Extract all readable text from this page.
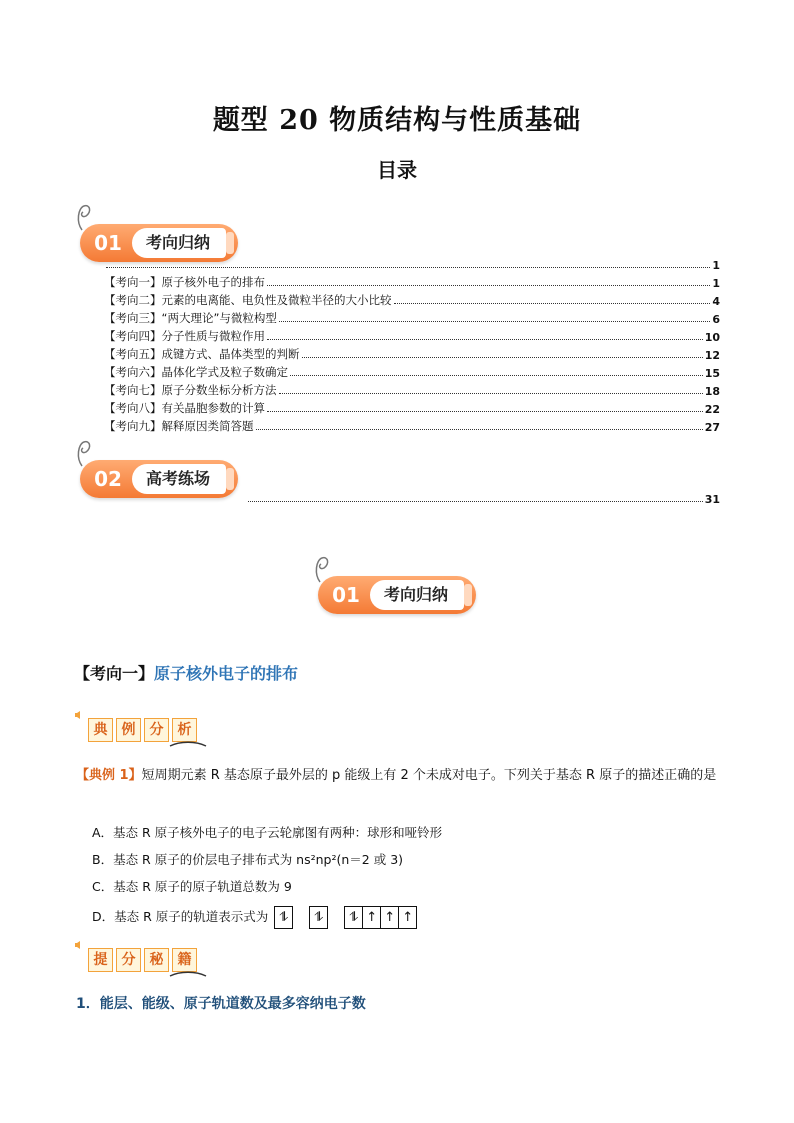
题型 20 物质结构与性质基础
目录
01	考向归纳
1
【考向一】原子核外电子的排布	1
【考向二】元素的电离能、电负性及微粒半径的大小比较	4
【考向三】“两大理论”与微粒构型	6
【考向四】分子性质与微粒作用	10
【考向五】成键方式、晶体类型的判断	12
【考向六】晶体化学式及粒子数确定	15
【考向七】原子分数坐标分析方法	18
【考向八】有关晶胞参数的计算	22
【考向九】解释原因类简答题	27
02	高考练场
31
01	考向归纳
【考向一】原子核外电子的排布
典 例 分 析
【典例 1】短周期元素 R 基态原子最外层的 p 能级上有 2 个未成对电子。下列关于基态 R 原子的描述正确的是
A．基态 R 原子核外电子的电子云轮廓图有两种：球形和哑铃形
B．基态 R 原子的价层电子排布式为 ns²np²(n＝2 或 3)
C．基态 R 原子的原子轨道总数为 9
D．基态 R 原子的轨道表示式为 ⥮ ⥮ ⥮ ↑ ↑ ↑
提 分 秘 籍
1．能层、能级、原子轨道数及最多容纳电子数
